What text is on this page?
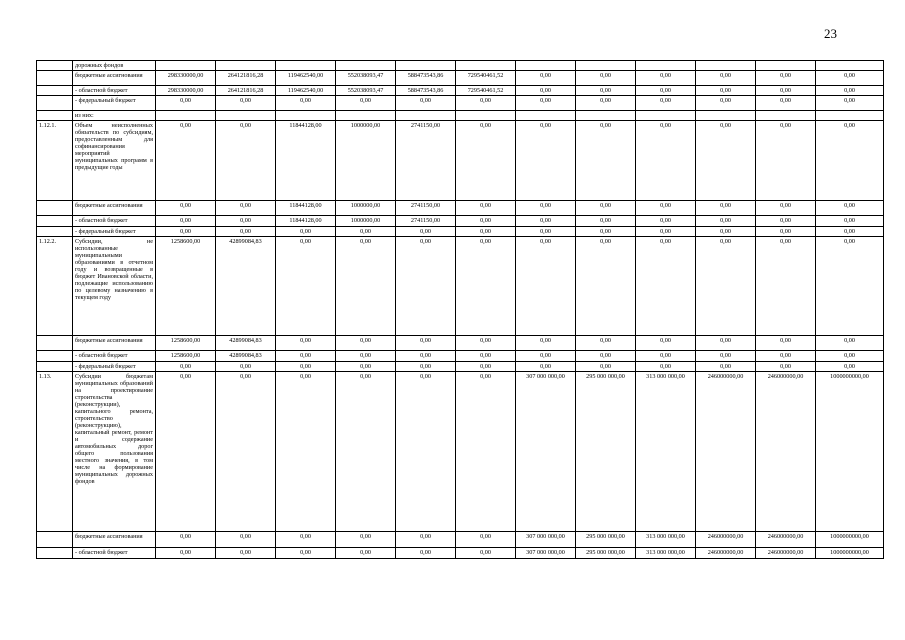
23
	дорожных фондов												
	бюджетные ассигнования	298330000,00	264121816,28	119462540,00	552038093,47	588473543,86	729540461,52	0,00	0,00	0,00	0,00	0,00	0,00
	- областной бюджет	298330000,00	264121816,28	119462540,00	552038093,47	588473543,86	729540461,52	0,00	0,00	0,00	0,00	0,00	0,00
	- федеральный бюджет	0,00	0,00	0,00	0,00	0,00	0,00	0,00	0,00	0,00	0,00	0,00	0,00
	из них:												
1.12.1.	Объем неисполненных обязательств по субсидиям, предоставленным для софинансирования мероприятий муниципальных программ в предыдущие годы	0,00	0,00	11844128,00	1000000,00	2741150,00	0,00	0,00	0,00	0,00	0,00	0,00	0,00
	бюджетные ассигнования	0,00	0,00	11844128,00	1000000,00	2741150,00	0,00	0,00	0,00	0,00	0,00	0,00	0,00
	- областной бюджет	0,00	0,00	11844128,00	1000000,00	2741150,00	0,00	0,00	0,00	0,00	0,00	0,00	0,00
	- федеральный бюджет	0,00	0,00	0,00	0,00	0,00	0,00	0,00	0,00	0,00	0,00	0,00	0,00
1.12.2.	Субсидии, не использованные муниципальными образованиями в отчетном году и возвращенные в бюджет Ивановской области, подлежащие использованию по целевому назначению в текущем году	1258600,00	42899084,83	0,00	0,00	0,00	0,00	0,00	0,00	0,00	0,00	0,00	0,00
	бюджетные ассигнования	1258600,00	42899084,83	0,00	0,00	0,00	0,00	0,00	0,00	0,00	0,00	0,00	0,00
	- областной бюджет	1258600,00	42899084,83	0,00	0,00	0,00	0,00	0,00	0,00	0,00	0,00	0,00	0,00
	- федеральный бюджет	0,00	0,00	0,00	0,00	0,00	0,00	0,00	0,00	0,00	0,00	0,00	0,00
1.13.	Субсидии бюджетам муниципальных образований на проектирование строительства (реконструкции), капитального ремонта, строительство (реконструкцию), капитальный ремонт, ремонт и содержание автомобильных дорог общего пользования местного значения, в том числе на формирование муниципальных дорожных фондов	0,00	0,00	0,00	0,00	0,00	0,00	307 000 000,00	295 000 000,00	313 000 000,00	246000000,00	246000000,00	1000000000,00
	бюджетные ассигнования	0,00	0,00	0,00	0,00	0,00	0,00	307 000 000,00	295 000 000,00	313 000 000,00	246000000,00	246000000,00	1000000000,00
	- областной бюджет	0,00	0,00	0,00	0,00	0,00	0,00	307 000 000,00	295 000 000,00	313 000 000,00	246000000,00	246000000,00	1000000000,00
